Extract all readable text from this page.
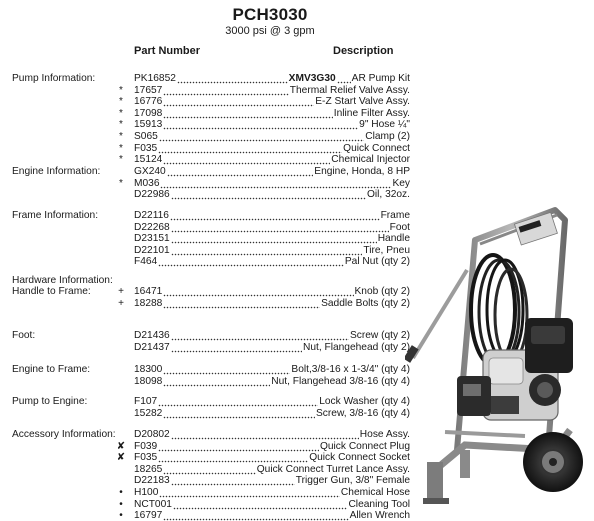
PCH3030
3000 psi @ 3 gpm
Part Number	Description
Pump Information:	PK16852	XMV3G30 AR Pump Kit
*	17657	Thermal Relief Valve Assy.
*	16776	E-Z Start Valve Assy.
*	17098	Inline Filter Assy.
*	15913	9" Hose ¼"
*	S065	Clamp (2)
*	F035	Quick Connect
*	15124	Chemical Injector
Engine Information:	GX240	Engine, Honda, 8 HP
*	M036	Key
D22986	Oil, 32oz.
Frame Information:	D22116	Frame
D22268	Foot
D23151	Handle
D22101	Tire, Pneu
F464	Pal Nut (qty 2)
Hardware Information:
Handle to Frame:	+ 16471	Knob (qty 2)
+ 18288	Saddle Bolts (qty 2)
Foot:	D21436	Screw (qty 2)
D21437	Nut, Flangehead (qty 2)
Engine to Frame:	18300	Bolt,3/8-16 x 1-3/4" (qty 4)
18098	Nut, Flangehead 3/8-16 (qty 4)
Pump to Engine:	F107	Lock Washer (qty 4)
15282	Screw, 3/8-16 (qty 4)
Accessory Information: D20802	Hose Assy.
✘ F039	Quick Connect Plug
✘ F035	Quick Connect Socket
18265	Quick Connect Turret Lance Assy.
D22183	Trigger Gun, 3/8" Female
•	H100	Chemical Hose
•	NCT001	Cleaning Tool
•	16797	Allen Wrench
